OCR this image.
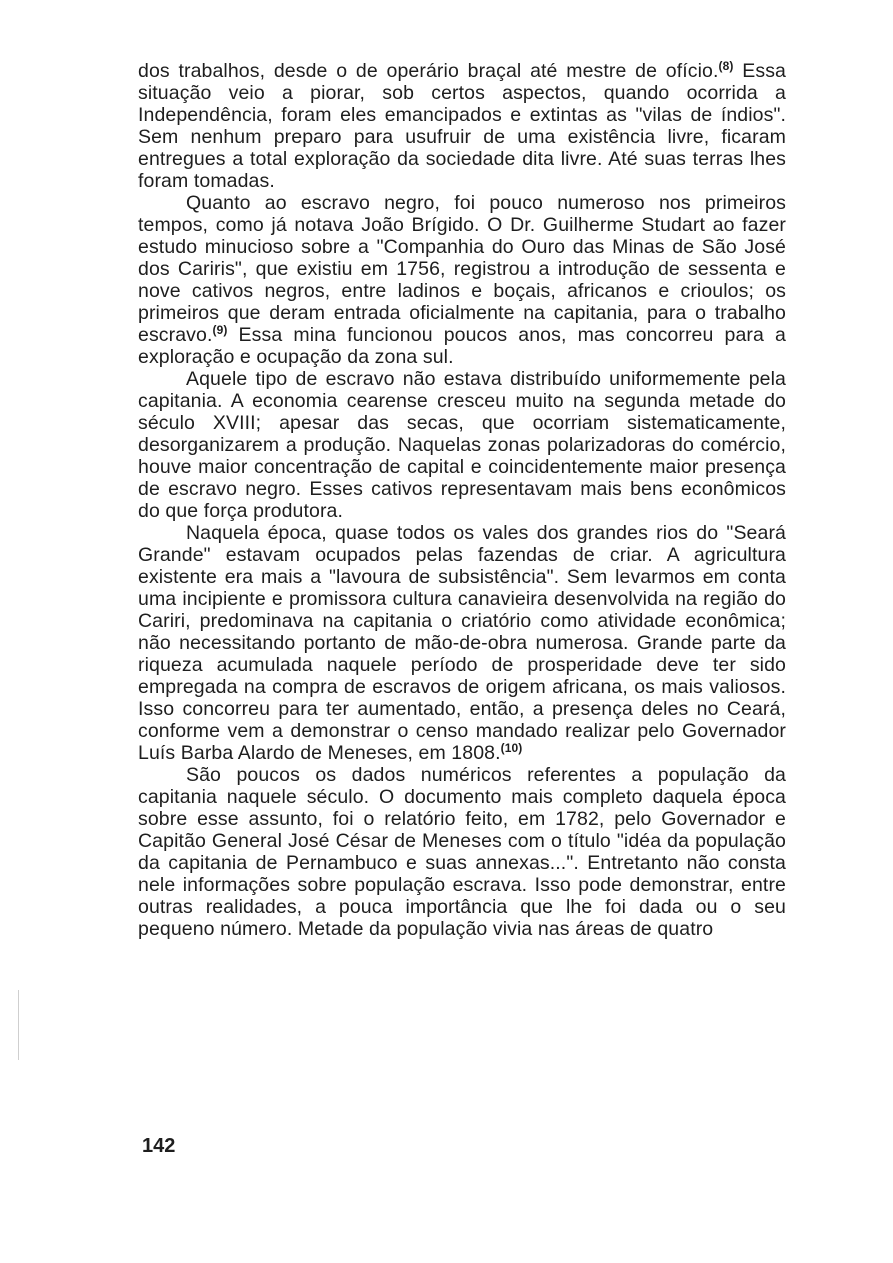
dos trabalhos, desde o de operário braçal até mestre de ofício.$^{(8)}$ Essa situação veio a piorar, sob certos aspectos, quando ocorrida a Independência, foram eles emancipados e extintas as "vilas de índios". Sem nenhum preparo para usufruir de uma existência livre, ficaram entregues a total exploração da sociedade dita livre. Até suas terras lhes foram tomadas.

Quanto ao escravo negro, foi pouco numeroso nos primeiros tempos, como já notava João Brígido. O Dr. Guilherme Studart ao fazer estudo minucioso sobre a "Companhia do Ouro das Minas de São José dos Cariris", que existiu em 1756, registrou a introdução de sessenta e nove cativos negros, entre ladinos e boçais, africanos e crioulos; os primeiros que deram entrada oficialmente na capitania, para o trabalho escravo.$^{(9)}$ Essa mina funcionou poucos anos, mas concorreu para a exploração e ocupação da zona sul.

Aquele tipo de escravo não estava distribuído uniformemente pela capitania. A economia cearense cresceu muito na segunda metade do século XVIII; apesar das secas, que ocorriam sistematicamente, desorganizarem a produção. Naquelas zonas polarizadoras do comércio, houve maior concentração de capital e coincidentemente maior presença de escravo negro. Esses cativos representavam mais bens econômicos do que força produtora.

Naquela época, quase todos os vales dos grandes rios do "Seará Grande" estavam ocupados pelas fazendas de criar. A agricultura existente era mais a "lavoura de subsistência". Sem levarmos em conta uma incipiente e promissora cultura canavieira desenvolvida na região do Cariri, predominava na capitania o criatório como atividade econômica; não necessitando portanto de mão-de-obra numerosa. Grande parte da riqueza acumulada naquele período de prosperidade deve ter sido empregada na compra de escravos de origem africana, os mais valiosos. Isso concorreu para ter aumentado, então, a presença deles no Ceará, conforme vem a demonstrar o censo mandado realizar pelo Governador Luís Barba Alardo de Meneses, em 1808.$^{(10)}$

São poucos os dados numéricos referentes a população da capitania naquele século. O documento mais completo daquela época sobre esse assunto, foi o relatório feito, em 1782, pelo Governador e Capitão General José César de Meneses com o título "idéa da população da capitania de Pernambuco e suas annexas...". Entretanto não consta nele informações sobre população escrava. Isso pode demonstrar, entre outras realidades, a pouca importância que lhe foi dada ou o seu pequeno número. Metade da população vivia nas áreas de quatro

142
